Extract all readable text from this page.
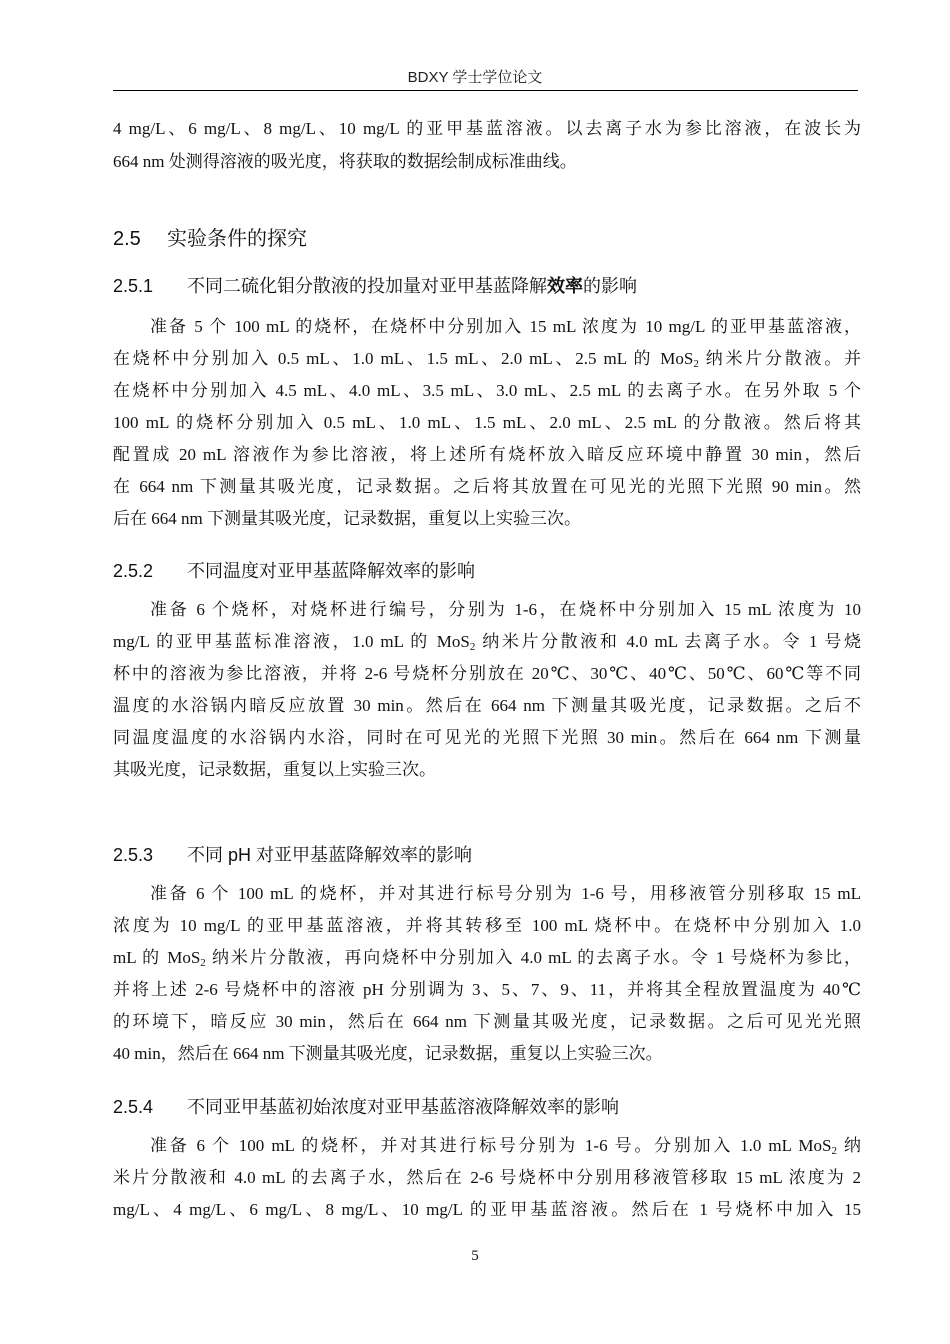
BDXY 学士学位论文
4 mg/L、6 mg/L、8 mg/L、10 mg/L 的亚甲基蓝溶液。以去离子水为参比溶液，在波长为
664 nm 处测得溶液的吸光度，将获取的数据绘制成标准曲线。
2.5 实验条件的探究
2.5.1 不同二硫化钼分散液的投加量对亚甲基蓝降解效率的影响
准备 5 个 100 mL 的烧杯，在烧杯中分别加入 15 mL 浓度为 10 mg/L 的亚甲基蓝溶液，
在烧杯中分别加入 0.5 mL、1.0 mL、1.5 mL、2.0 mL、2.5 mL 的 MoS$_2$ 纳米片分散液。并
在烧杯中分别加入 4.5 mL、4.0 mL、3.5 mL、3.0 mL、2.5 mL 的去离子水。在另外取 5 个
100 mL 的烧杯分别加入 0.5 mL、1.0 mL、1.5 mL、2.0 mL、2.5 mL 的分散液。然后将其
配置成 20 mL 溶液作为参比溶液，将上述所有烧杯放入暗反应环境中静置 30 min，然后
在 664 nm 下测量其吸光度，记录数据。之后将其放置在可见光的光照下光照 90 min。然
后在 664 nm 下测量其吸光度，记录数据，重复以上实验三次。
2.5.2 不同温度对亚甲基蓝降解效率的影响
准备 6 个烧杯，对烧杯进行编号，分别为 1-6，在烧杯中分别加入 15 mL 浓度为 10
mg/L 的亚甲基蓝标准溶液，1.0 mL 的 MoS$_2$ 纳米片分散液和 4.0 mL 去离子水。令 1 号烧
杯中的溶液为参比溶液，并将 2-6 号烧杯分别放在 20℃、30℃、40℃、50℃、60℃等不同
温度的水浴锅内暗反应放置 30 min。然后在 664 nm 下测量其吸光度，记录数据。之后不
同温度温度的水浴锅内水浴，同时在可见光的光照下光照 30 min。然后在 664 nm 下测量
其吸光度，记录数据，重复以上实验三次。
2.5.3 不同 pH 对亚甲基蓝降解效率的影响
准备 6 个 100 mL 的烧杯，并对其进行标号分别为 1-6 号，用移液管分别移取 15 mL
浓度为 10 mg/L 的亚甲基蓝溶液，并将其转移至 100 mL 烧杯中。在烧杯中分别加入 1.0
mL 的 MoS$_2$ 纳米片分散液，再向烧杯中分别加入 4.0 mL 的去离子水。令 1 号烧杯为参比，
并将上述 2-6 号烧杯中的溶液 pH 分别调为 3、5、7、9、11，并将其全程放置温度为 40℃
的环境下，暗反应 30 min，然后在 664 nm 下测量其吸光度，记录数据。之后可见光光照
40 min，然后在 664 nm 下测量其吸光度，记录数据，重复以上实验三次。
2.5.4 不同亚甲基蓝初始浓度对亚甲基蓝溶液降解效率的影响
准备 6 个 100 mL 的烧杯，并对其进行标号分别为 1-6 号。分别加入 1.0 mL MoS$_2$ 纳
米片分散液和 4.0 mL 的去离子水，然后在 2-6 号烧杯中分别用移液管移取 15 mL 浓度为 2
mg/L、4 mg/L、6 mg/L、8 mg/L、10 mg/L 的亚甲基蓝溶液。然后在 1 号烧杯中加入 15
5
